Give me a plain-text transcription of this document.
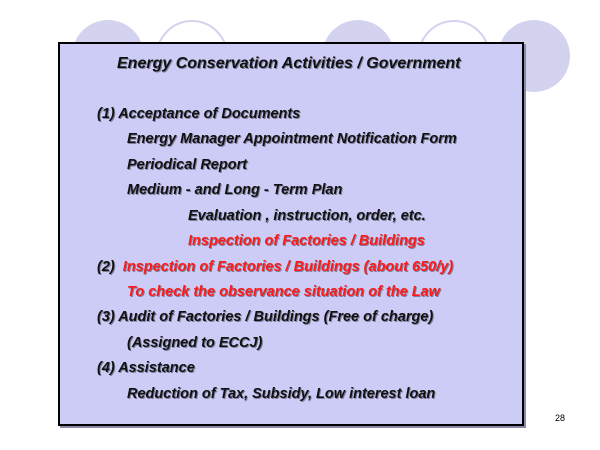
Energy Conservation Activities / Government
(1) Acceptance of Documents
Energy Manager Appointment Notification Form
Periodical Report
Medium - and Long - Term Plan
Evaluation , instruction, order, etc.
Inspection of Factories / Buildings
(2) Inspection of Factories / Buildings (about 650/y)
To check the observance situation of the Law
(3) Audit of Factories / Buildings (Free of charge)
(Assigned to ECCJ)
(4) Assistance
Reduction of Tax, Subsidy, Low interest loan
28
